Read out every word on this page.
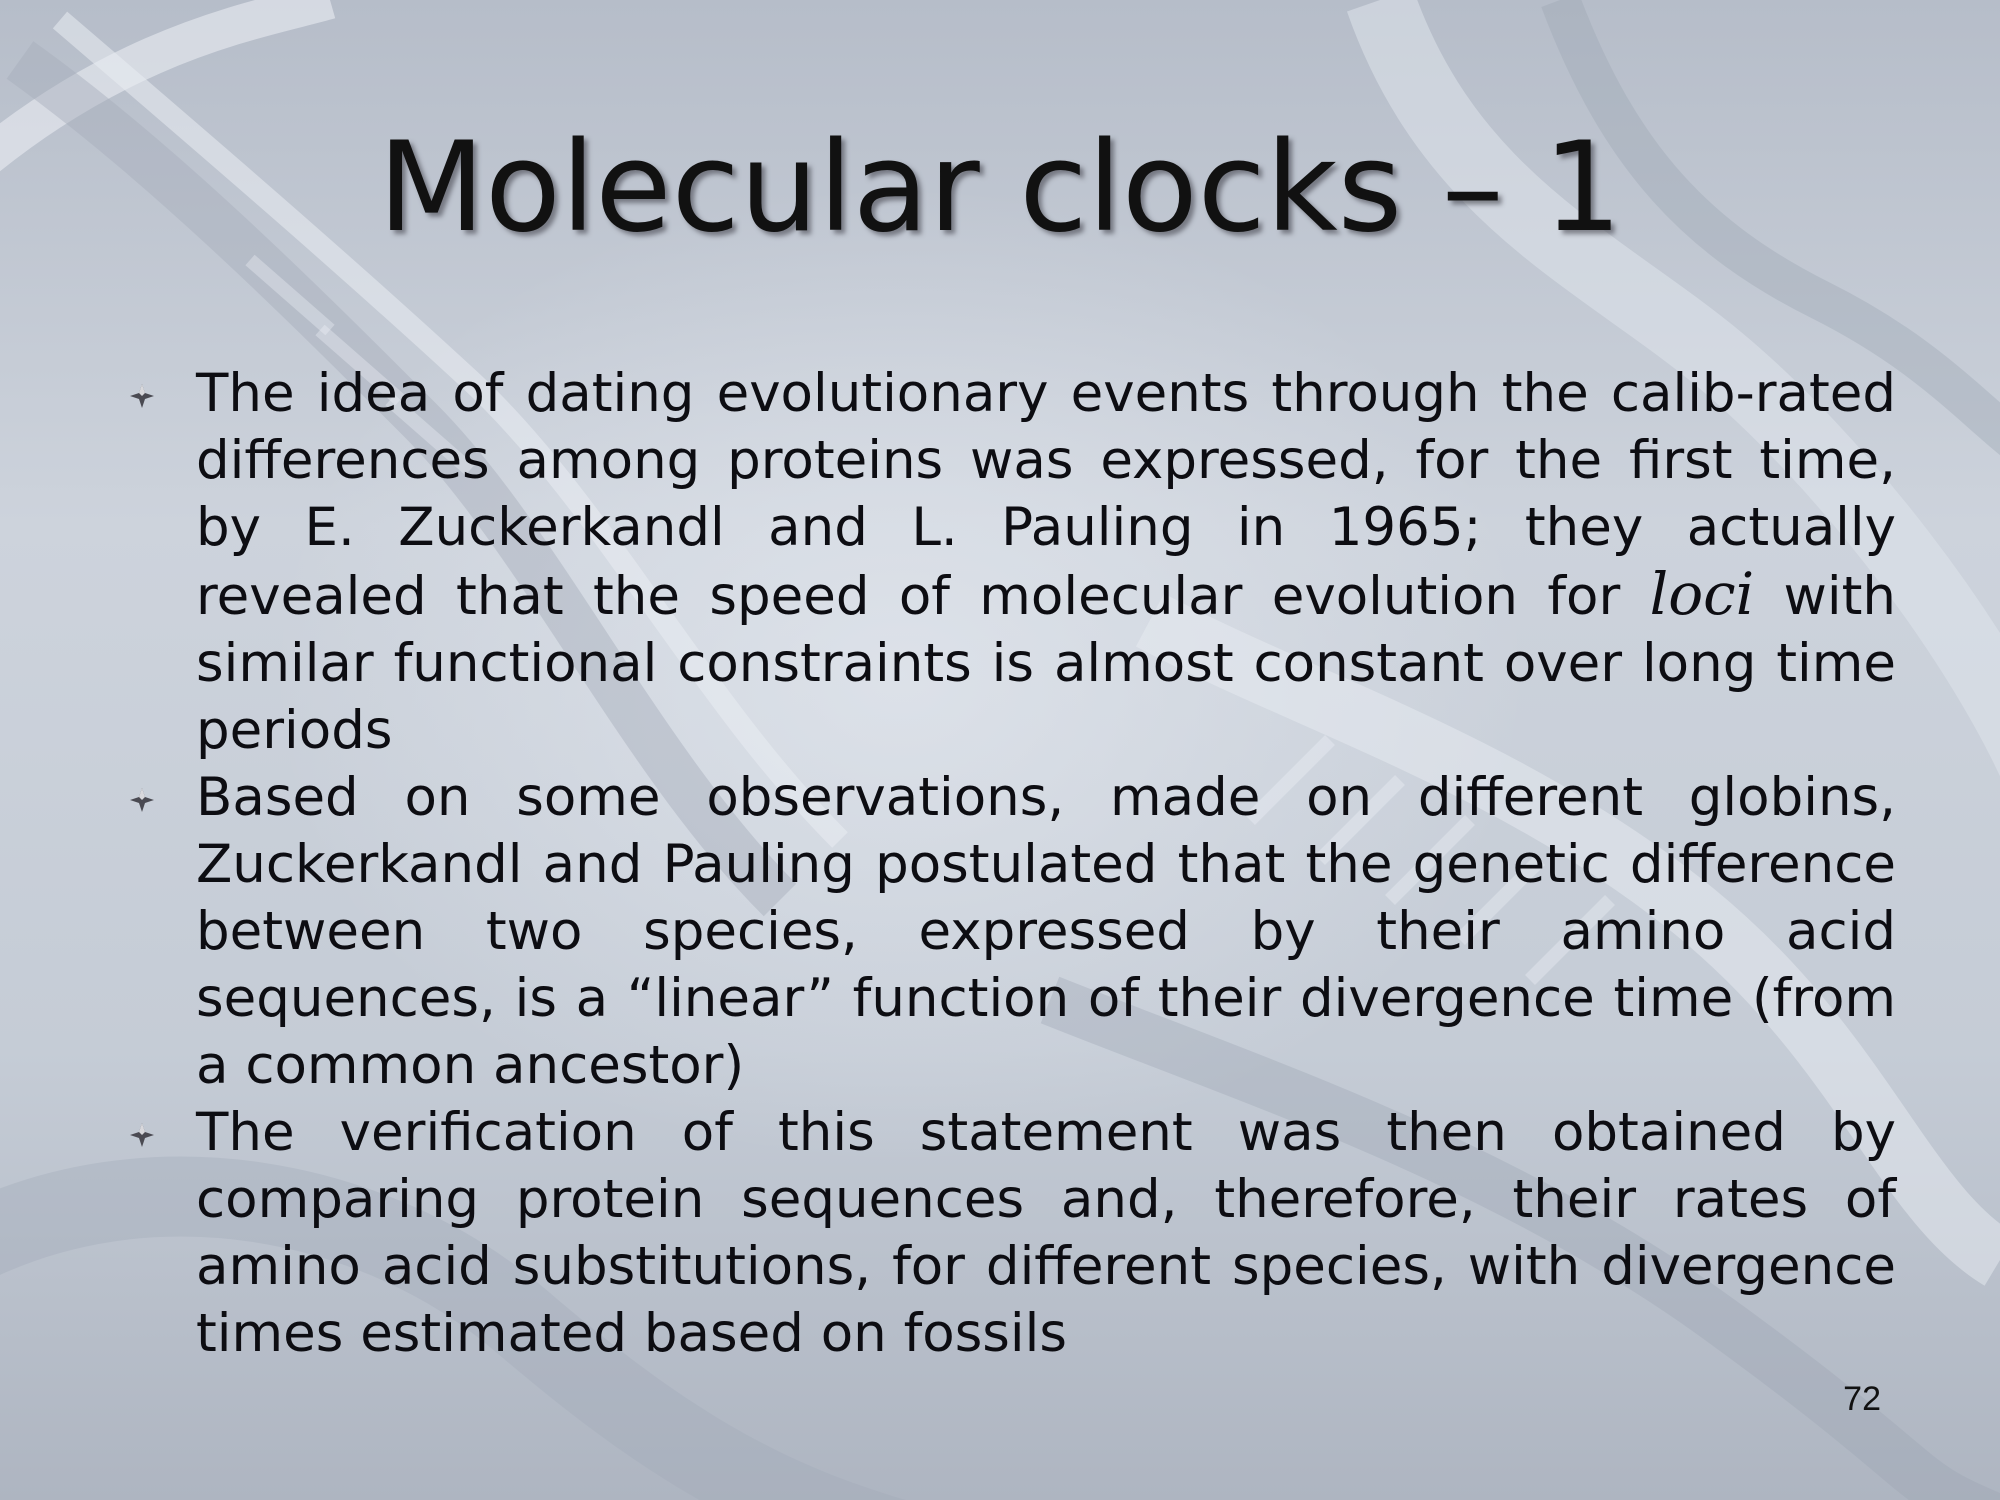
Molecular clocks – 1
The idea of dating evolutionary events through the calib-rated differences among proteins was expressed, for the first time, by E. Zuckerkandl and L. Pauling in 1965; they actually revealed that the speed of molecular evolution for loci with similar functional constraints is almost constant over long time periods
Based on some observations, made on different globins, Zuckerkandl and Pauling postulated that the genetic difference between two species, expressed by their amino acid sequences, is a “linear” function of their divergence time (from a common ancestor)
The verification of this statement was then obtained by comparing protein sequences and, therefore, their rates of amino acid substitutions, for different species, with divergence times estimated based on fossils
72
